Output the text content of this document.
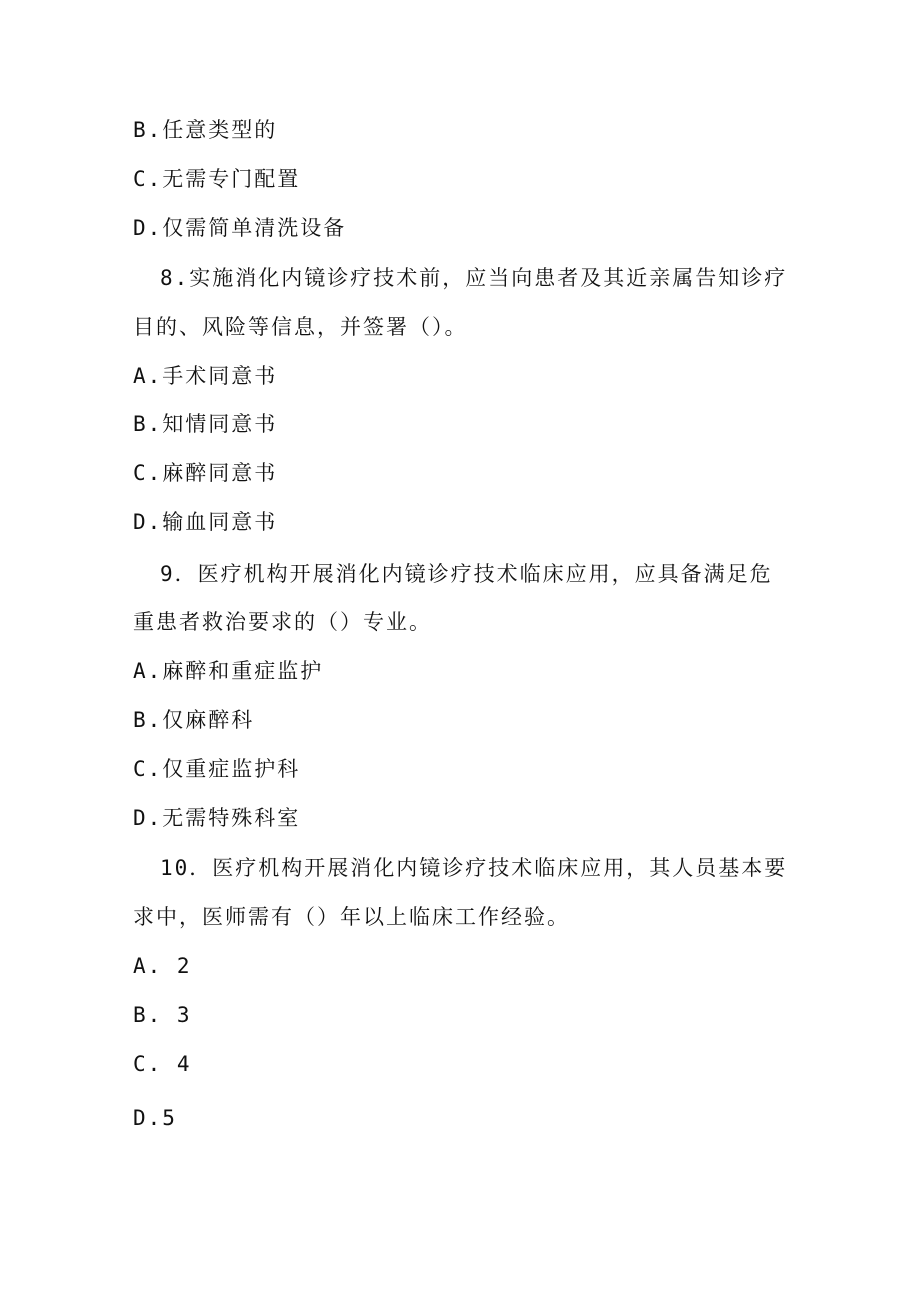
B.任意类型的
C.无需专门配置
D.仅需简单清洗设备
8.实施消化内镜诊疗技术前，应当向患者及其近亲属告知诊疗
目的、风险等信息，并签署（）。
A.手术同意书
B.知情同意书
C.麻醉同意书
D.输血同意书
9．医疗机构开展消化内镜诊疗技术临床应用，应具备满足危
重患者救治要求的（）专业。
A.麻醉和重症监护
B.仅麻醉科
C.仅重症监护科
D.无需特殊科室
10．医疗机构开展消化内镜诊疗技术临床应用，其人员基本要
求中，医师需有（）年以上临床工作经验。
A. 2
B. 3
C. 4
D.5
